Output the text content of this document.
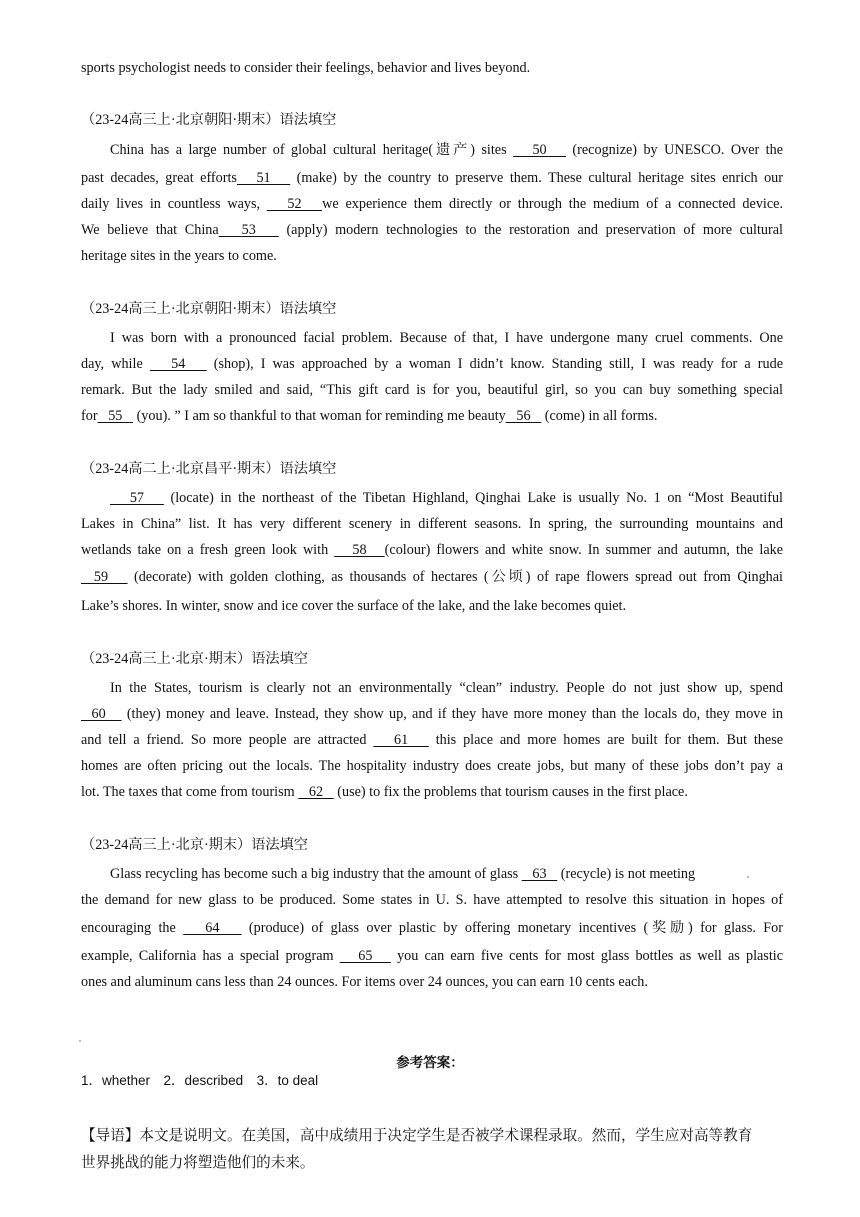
sports psychologist needs to consider their feelings, behavior and lives beyond.
（23-24高三上·北京朝阳·期末）语法填空
China has a large number of global cultural heritage(遗产) sites    50    (recognize) by UNESCO. Over the
past decades, great efforts   51    (make) by the country to preserve them. These cultural heritage sites enrich our
daily lives in countless ways,    52   we experience them directly or through the medium of a connected device.
We believe that China   53    (apply) modern technologies to the restoration and preservation of more cultural
heritage sites in the years to come.
（23-24高三上·北京朝阳·期末）语法填空
I was born with a pronounced facial problem. Because of that, I have undergone many cruel comments. One
day, while    54    (shop), I was approached by a woman I didn’t know. Standing still, I was ready for a rude
remark. But the lady smiled and said, “This gift card is for you, beautiful girl, so you can buy something special
for   55    (you). ” I am so thankful to that woman for reminding me beauty   56    (come) in all forms.
（23-24高二上·北京昌平·期末）语法填空
57    (locate) in the northeast of the Tibetan Highland, Qinghai Lake is usually No. 1 on “Most Beautiful
Lakes in China” list. It has very different scenery in different seasons. In spring, the surrounding mountains and
wetlands take on a fresh green look with    58   (colour) flowers and white snow. In summer and autumn, the lake
59    (decorate) with golden clothing, as thousands of hectares (公顷) of rape flowers spread out from Qinghai
Lake’s shores. In winter, snow and ice cover the surface of the lake, and the lake becomes quiet.
（23-24高三上·北京·期末）语法填空
In the States, tourism is clearly not an environmentally “clean” industry. People do not just show up, spend
60    (they) money and leave. Instead, they show up, and if they have more money than the locals do, they move in
and tell a friend. So more people are attracted    61    this place and more homes are built for them. But these
homes are often pricing out the locals. The hospitality industry does create jobs, but many of these jobs don’t pay a
lot. The taxes that come from tourism    62    (use) to fix the problems that tourism causes in the first place.
（23-24高三上·北京·期末）语法填空
Glass recycling has become such a big industry that the amount of glass    63    (recycle) is not meeting
the demand for new glass to be produced. Some states in U. S. have attempted to resolve this situation in hopes of
encouraging the    64    (produce) of glass over plastic by offering monetary incentives (奖励) for glass. For
example, California has a special program    65    you can earn five cents for most glass bottles as well as plastic
ones and aluminum cans less than 24 ounces. For items over 24 ounces, you can earn 10 cents each.
参考答案：
1．whether　2．described　3．to deal
【导语】本文是说明文。在美国，高中成绩用于决定学生是否被学术课程录取。然而，学生应对高等教育
世界挑战的能力将塑造他们的未来。
